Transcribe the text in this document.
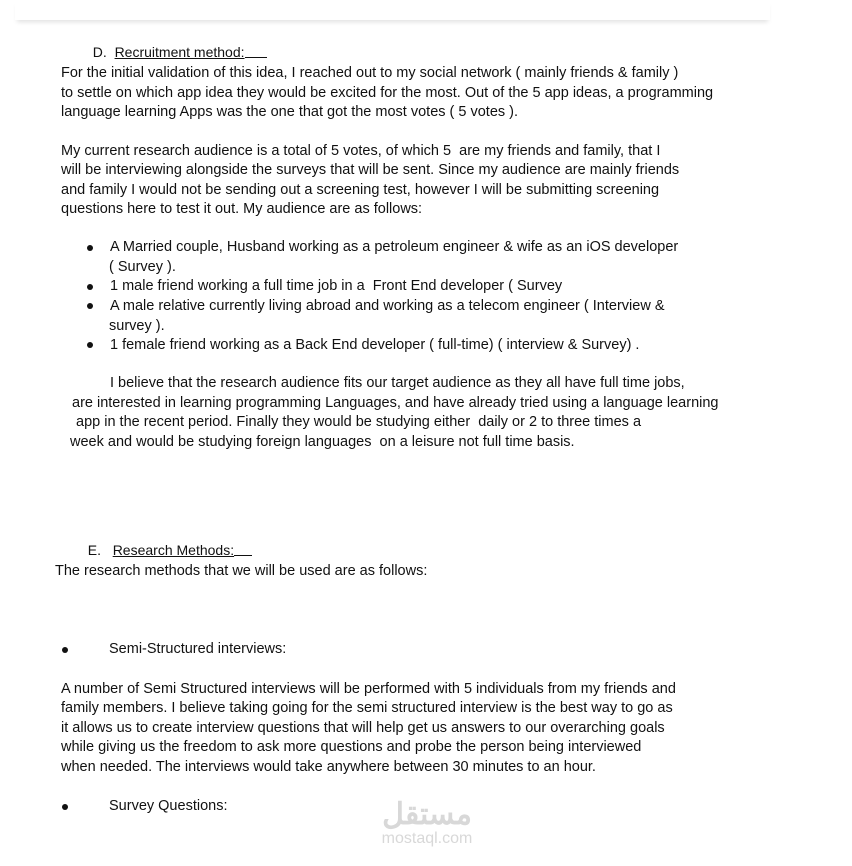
D. Recruitment method:

For the initial validation of this idea, I reached out to my social network ( mainly friends & family )
to settle on which app idea they would be excited for the most. Out of the 5 app ideas, a programming
language learning Apps was the one that got the most votes ( 5 votes ).
My current research audience is a total of 5 votes, of which 5  are my friends and family, that I
will be interviewing alongside the surveys that will be sent. Since my audience are mainly friends
and family I would not be sending out a screening test, however I will be submitting screening
questions here to test it out. My audience are as follows:
A Married couple, Husband working as a petroleum engineer & wife as an iOS developer
( Survey ).
1 male friend working a full time job in a  Front End developer ( Survey
A male relative currently living abroad and working as a telecom engineer ( Interview &
survey ).
1 female friend working as a Back End developer ( full-time) ( interview & Survey) .
I believe that the research audience fits our target audience as they all have full time jobs,
are interested in learning programming Languages, and have already tried using a language learning
app in the recent period. Finally they would be studying either  daily or 2 to three times a
week and would be studying foreign languages  on a leisure not full time basis.

E. Research Methods:

The research methods that we will be used are as follows:
Semi-Structured interviews:
A number of Semi Structured interviews will be performed with 5 individuals from my friends and
family members. I believe taking going for the semi structured interview is the best way to go as
it allows us to create interview questions that will help get us answers to our overarching goals
while giving us the freedom to ask more questions and probe the person being interviewed
when needed. The interviews would take anywhere between 30 minutes to an hour.
Survey Questions:	مستقل
mostaql.com
